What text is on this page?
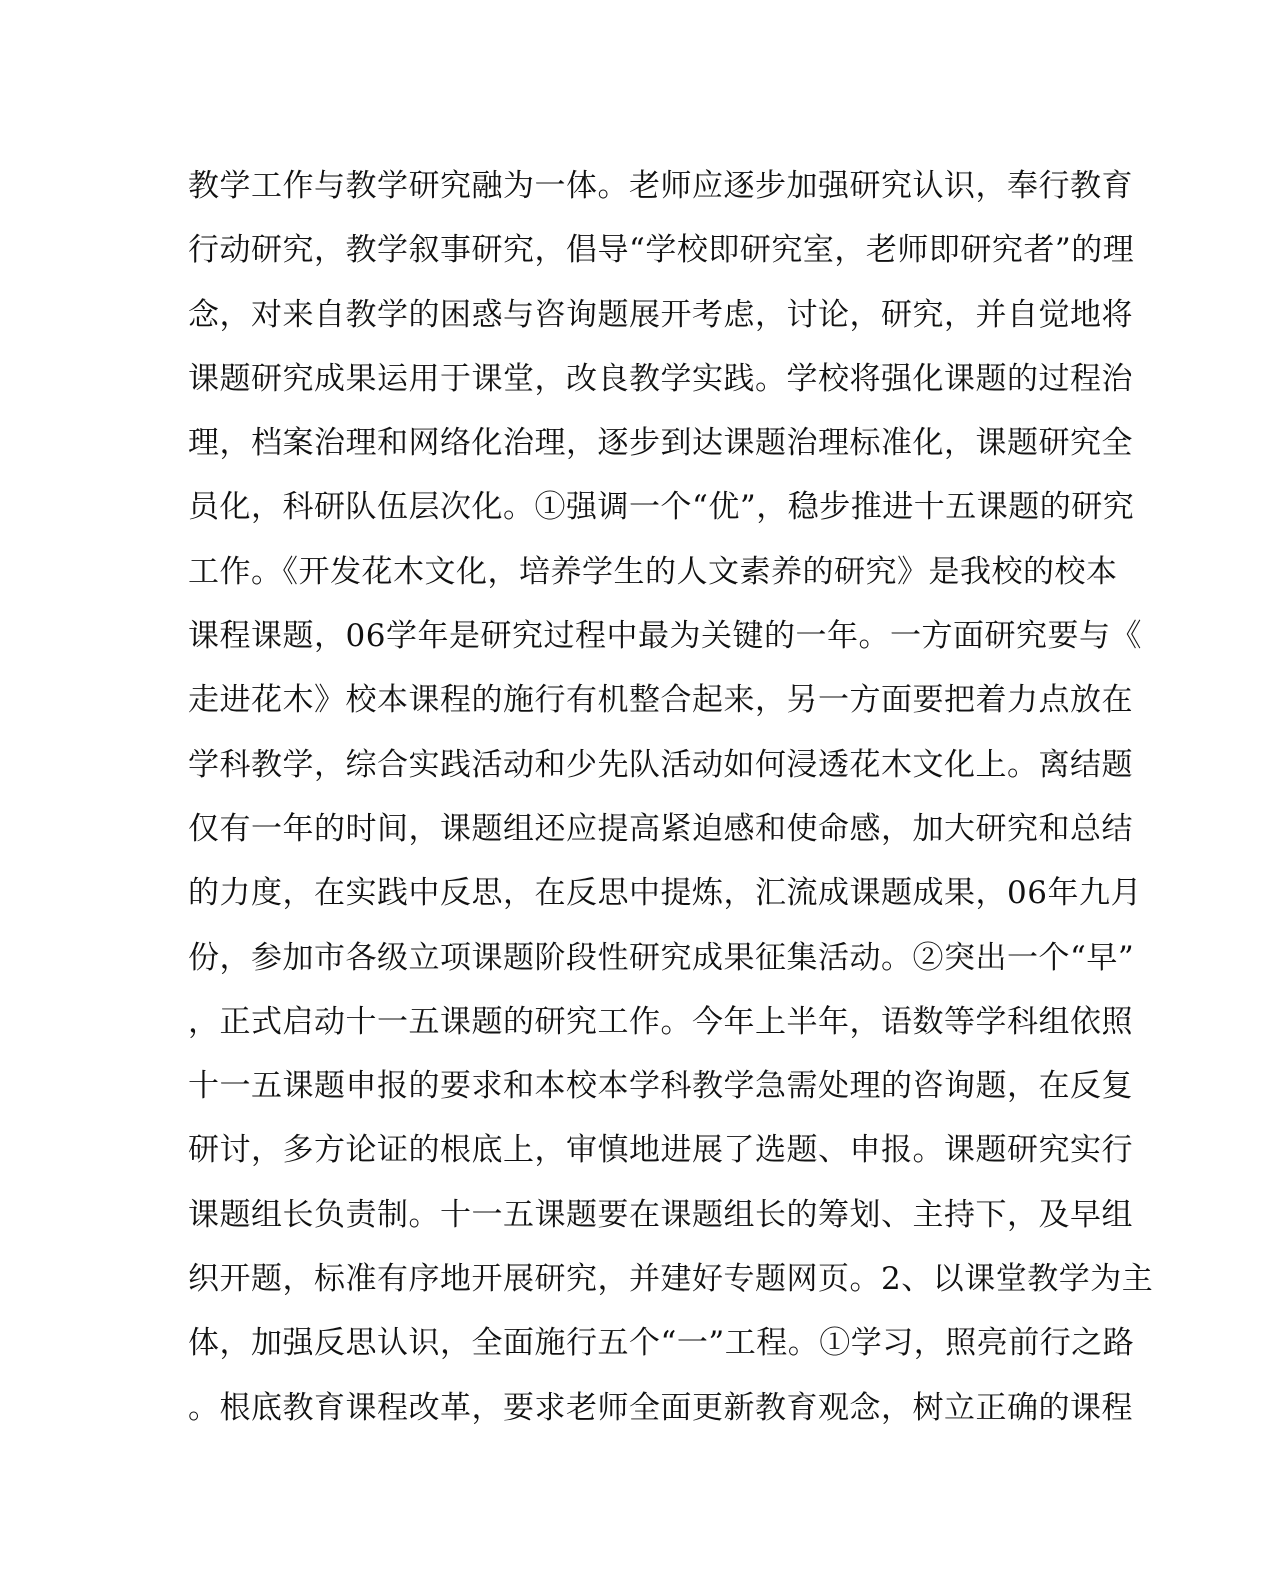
教学工作与教学研究融为一体。老师应逐步加强研究认识，奉行教育
行动研究，教学叙事研究，倡导“学校即研究室，老师即研究者”的理
念，对来自教学的困惑与咨询题展开考虑，讨论，研究，并自觉地将
课题研究成果运用于课堂，改良教学实践。学校将强化课题的过程治
理，档案治理和网络化治理，逐步到达课题治理标准化，课题研究全
员化，科研队伍层次化。①强调一个“优”，稳步推进十五课题的研究
工作。《开发花木文化，培养学生的人文素养的研究》是我校的校本
课程课题，06学年是研究过程中最为关键的一年。一方面研究要与《
走进花木》校本课程的施行有机整合起来，另一方面要把着力点放在
学科教学，综合实践活动和少先队活动如何浸透花木文化上。离结题
仅有一年的时间，课题组还应提高紧迫感和使命感，加大研究和总结
的力度，在实践中反思，在反思中提炼，汇流成课题成果，06年九月
份，参加市各级立项课题阶段性研究成果征集活动。②突出一个“早”
，正式启动十一五课题的研究工作。今年上半年，语数等学科组依照
十一五课题申报的要求和本校本学科教学急需处理的咨询题，在反复
研讨，多方论证的根底上，审慎地进展了选题、申报。课题研究实行
课题组长负责制。十一五课题要在课题组长的筹划、主持下，及早组
织开题，标准有序地开展研究，并建好专题网页。2、以课堂教学为主
体，加强反思认识，全面施行五个“一”工程。①学习，照亮前行之路
。根底教育课程改革，要求老师全面更新教育观念，树立正确的课程
